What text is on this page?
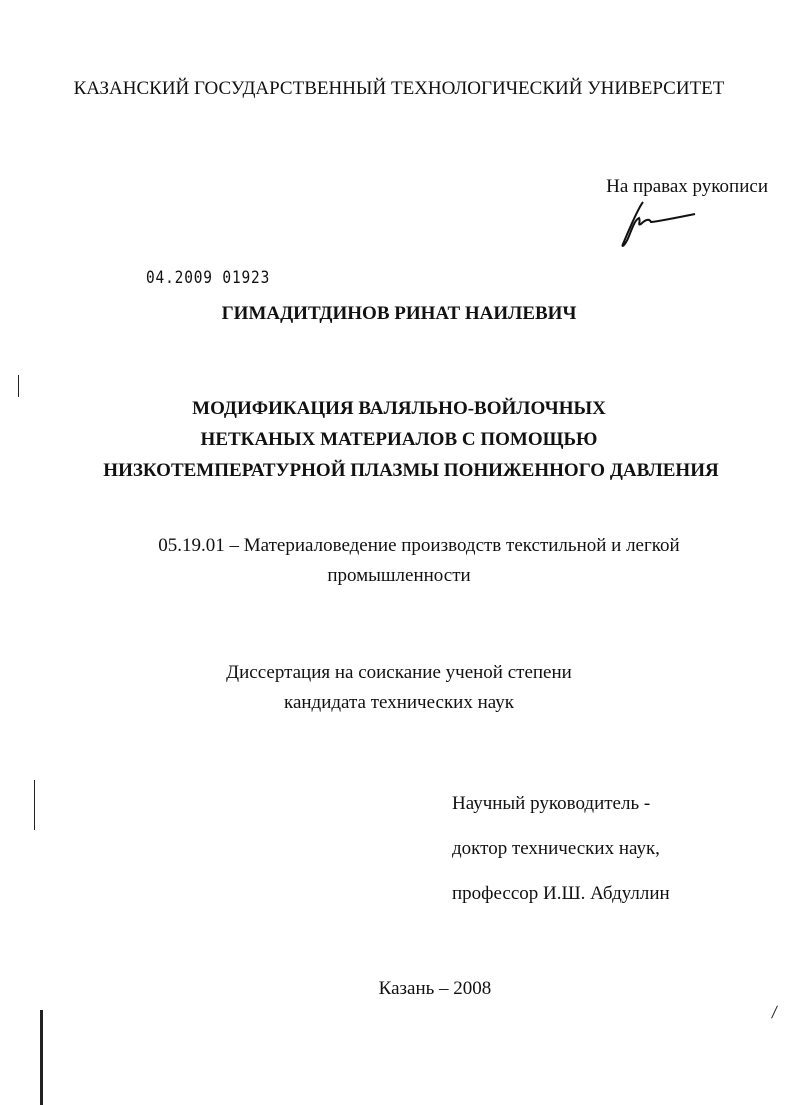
КАЗАНСКИЙ ГОСУДАРСТВЕННЫЙ ТЕХНОЛОГИЧЕСКИЙ УНИВЕРСИТЕТ
На правах рукописи
04.2009 01923
ГИМАДИТДИНОВ РИНАТ НАИЛЕВИЧ
МОДИФИКАЦИЯ ВАЛЯЛЬНО-ВОЙЛОЧНЫХ
НЕТКАНЫХ МАТЕРИАЛОВ С ПОМОЩЬЮ
НИЗКОТЕМПЕРАТУРНОЙ ПЛАЗМЫ ПОНИЖЕННОГО ДАВЛЕНИЯ
05.19.01 – Материаловедение производств текстильной и легкой
промышленности
Диссертация на соискание ученой степени
кандидата технических наук
Научный руководитель -
доктор технических наук,
профессор И.Ш. Абдуллин
Казань – 2008
